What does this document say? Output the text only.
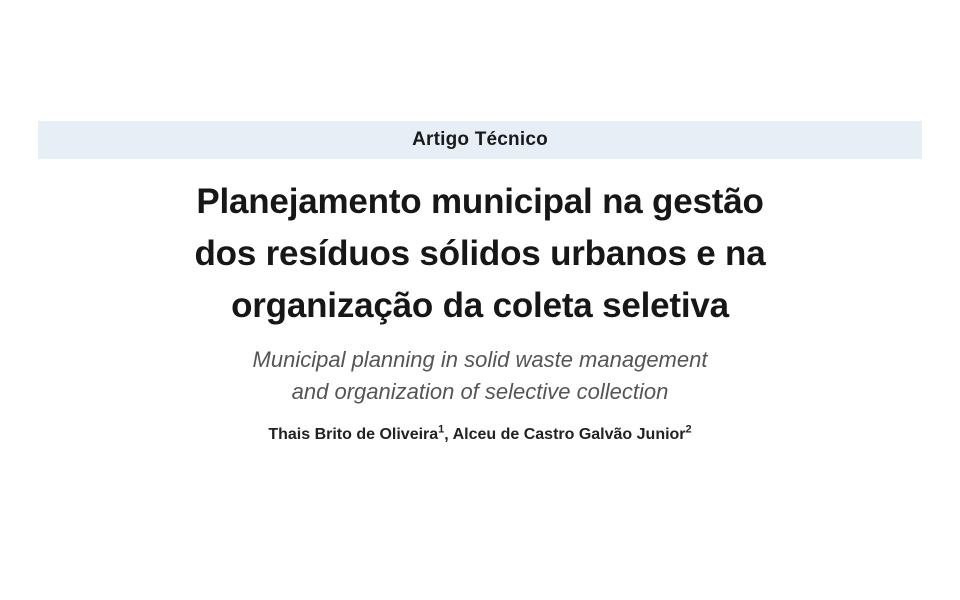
Artigo Técnico
Planejamento municipal na gestão
dos resíduos sólidos urbanos e na
organização da coleta seletiva
Municipal planning in solid waste management
and organization of selective collection
Thais Brito de Oliveira$^1$, Alceu de Castro Galvão Junior$^2$
